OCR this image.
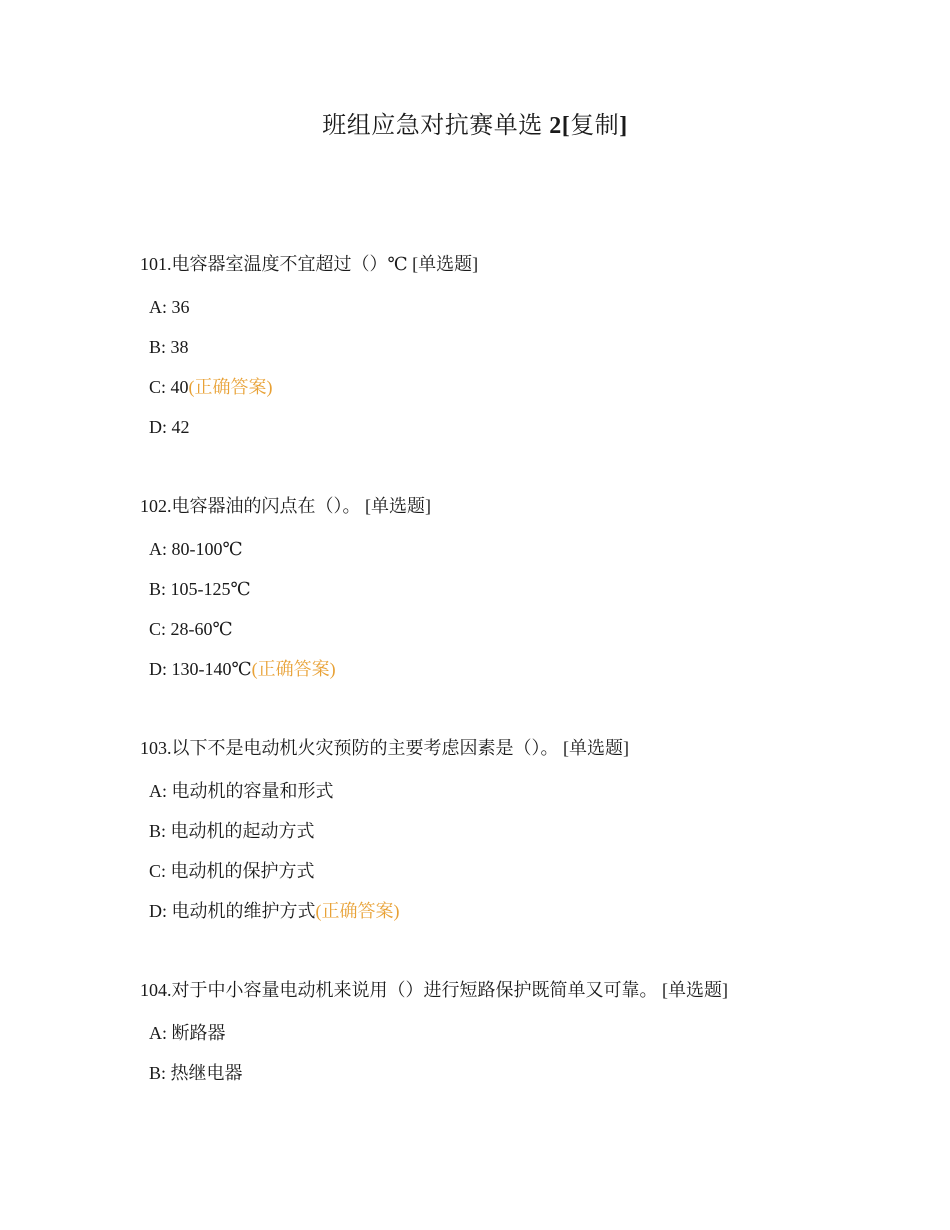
班组应急对抗赛单选 2[复制]
101.电容器室温度不宜超过（）℃ [单选题]
A: 36
B: 38
C: 40(正确答案)
D: 42
102.电容器油的闪点在（）。 [单选题]
A: 80-100℃
B: 105-125℃
C: 28-60℃
D: 130-140℃(正确答案)
103.以下不是电动机火灾预防的主要考虑因素是（）。 [单选题]
A: 电动机的容量和形式
B: 电动机的起动方式
C: 电动机的保护方式
D: 电动机的维护方式(正确答案)
104.对于中小容量电动机来说用（）进行短路保护既简单又可靠。 [单选题]
A: 断路器
B: 热继电器
